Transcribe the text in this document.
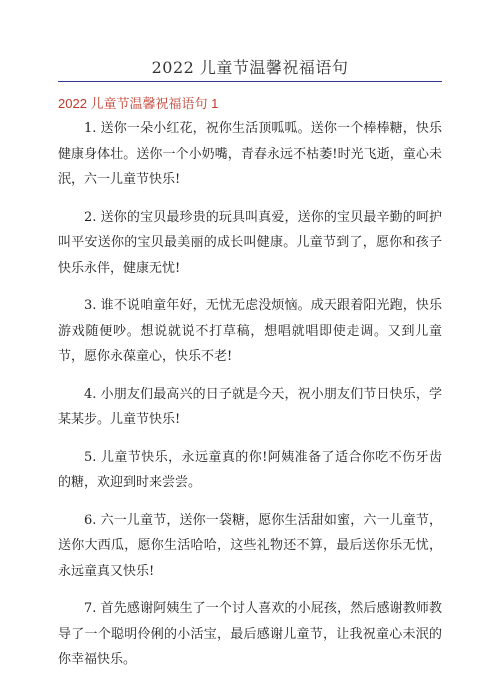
2022 儿童节温馨祝福语句
2022 儿童节温馨祝福语句 1

1. 送你一朵小红花，祝你生活顶呱呱。送你一个棒棒糖，快乐健康身体壮。送你一个小奶嘴，青春永远不枯萎!时光飞逝，童心未泯，六一儿童节快乐!

2. 送你的宝贝最珍贵的玩具叫真爱，送你的宝贝最辛勤的呵护叫平安送你的宝贝最美丽的成长叫健康。儿童节到了，愿你和孩子快乐永伴，健康无忧!

3. 谁不说咱童年好，无忧无虑没烦恼。成天跟着阳光跑，快乐游戏随便吵。想说就说不打草稿，想唱就唱即使走调。又到儿童节，愿你永葆童心，快乐不老!

4. 小朋友们最高兴的日子就是今天，祝小朋友们节日快乐，学某某步。儿童节快乐!

5. 儿童节快乐，永远童真的你!阿姨准备了适合你吃不伤牙齿的糖，欢迎到时来尝尝。

6. 六一儿童节，送你一袋糖，愿你生活甜如蜜，六一儿童节，送你大西瓜，愿你生活哈哈，这些礼物还不算，最后送你乐无忧，永远童真又快乐!

7. 首先感谢阿姨生了一个讨人喜欢的小屁孩，然后感谢教师教导了一个聪明伶俐的小活宝，最后感谢儿童节，让我祝童心未泯的你幸福快乐。
